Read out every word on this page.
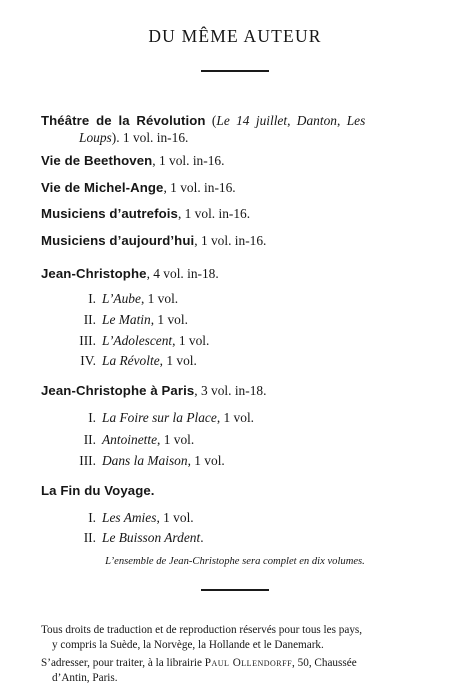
DU MÊME AUTEUR
Théâtre de la Révolution (Le 14 juillet, Danton, Les
Loups). 1 vol. in-16.
Vie de Beethoven, 1 vol. in-16.
Vie de Michel-Ange, 1 vol. in-16.
Musiciens d’autrefois, 1 vol. in-16.
Musiciens d’aujourd’hui, 1 vol. in-16.
Jean-Christophe, 4 vol. in-18.
I. L’Aube, 1 vol.
II. Le Matin, 1 vol.
III. L’Adolescent, 1 vol.
IV. La Révolte, 1 vol.
Jean-Christophe à Paris, 3 vol. in-18.
I. La Foire sur la Place, 1 vol.
II. Antoinette, 1 vol.
III. Dans la Maison, 1 vol.
La Fin du Voyage.
I. Les Amies, 1 vol.
II. Le Buisson Ardent.
L’ensemble de Jean-Christophe sera complet en dix volumes.
Tous droits de traduction et de reproduction réservés pour tous les pays,
y compris la Suède, la Norvège, la Hollande et le Danemark.
S’adresser, pour traiter, à la librairie Paul Ollendorff, 50, Chaussée
d’Antin, Paris.
